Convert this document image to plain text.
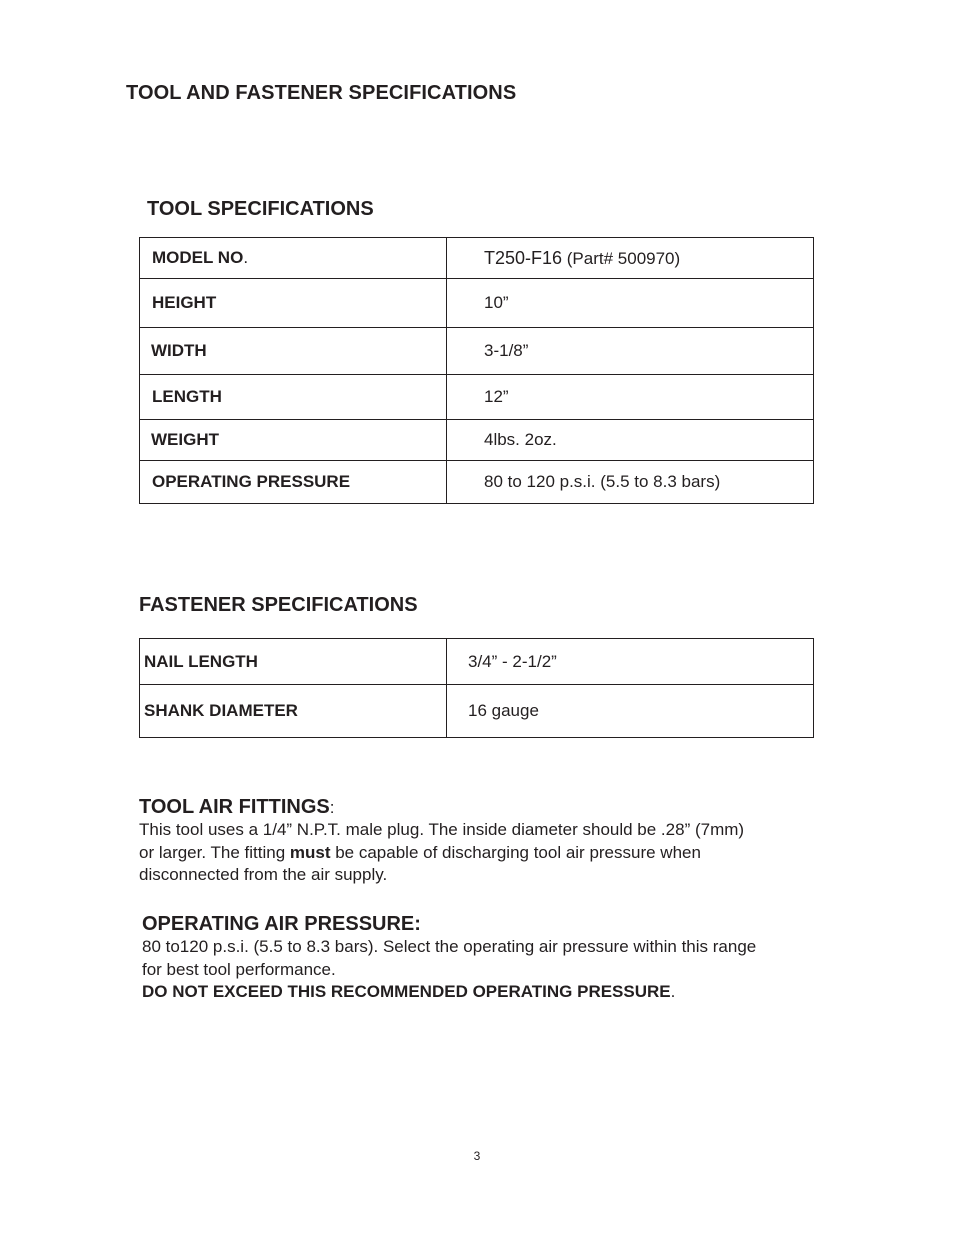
TOOL AND FASTENER SPECIFICATIONS
TOOL SPECIFICATIONS
MODEL NO.	T250-F16 (Part# 500970)
HEIGHT	10”
WIDTH	3-1/8”
LENGTH	12”
WEIGHT	4lbs. 2oz.
OPERATING PRESSURE	80 to 120 p.s.i. (5.5 to 8.3 bars)
FASTENER SPECIFICATIONS
NAIL LENGTH	3/4” - 2-1/2”
SHANK DIAMETER	16 gauge
TOOL AIR FITTINGS:
This tool uses a 1/4” N.P.T. male plug. The inside diameter should be .28” (7mm)
or larger. The fitting must be capable of discharging tool air pressure when
disconnected from the air supply.
OPERATING AIR PRESSURE:
80 to120 p.s.i. (5.5 to 8.3 bars). Select the operating air pressure within this range
for best tool performance.
DO NOT EXCEED THIS RECOMMENDED OPERATING PRESSURE.
3
